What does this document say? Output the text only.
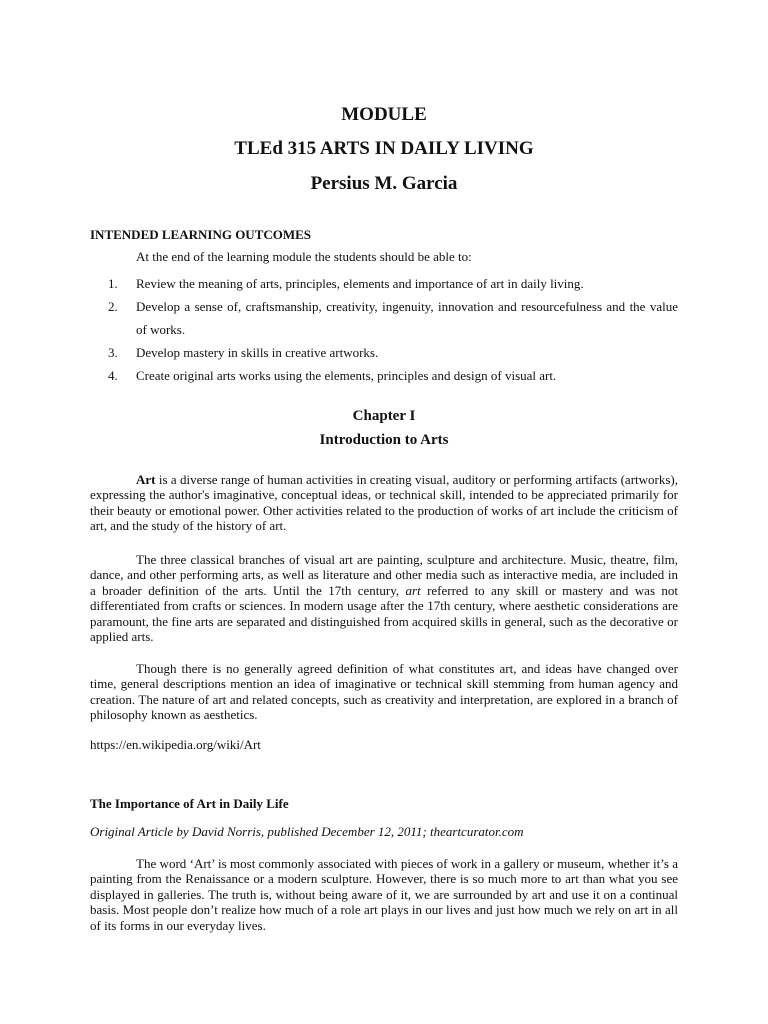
MODULE
TLEd 315 ARTS IN DAILY LIVING
Persius M. Garcia
INTENDED LEARNING OUTCOMES
At the end of the learning module the students should be able to:
1.	Review the meaning of arts, principles, elements and importance of art in daily living.
2.	Develop a sense of, craftsmanship, creativity, ingenuity, innovation and resourcefulness and the value of works.
3.	Develop mastery in skills in creative artworks.
4.	Create original arts works using the elements, principles and design of visual art.
Chapter I
Introduction to Arts

Art is a diverse range of human activities in creating visual, auditory or performing artifacts (artworks), expressing the author's imaginative, conceptual ideas, or technical skill, intended to be appreciated primarily for their beauty or emotional power. Other activities related to the production of works of art include the criticism of art, and the study of the history of art.

The three classical branches of visual art are painting, sculpture and architecture. Music, theatre, film, dance, and other performing arts, as well as literature and other media such as interactive media, are included in a broader definition of the arts. Until the 17th century, art referred to any skill or mastery and was not differentiated from crafts or sciences. In modern usage after the 17th century, where aesthetic considerations are paramount, the fine arts are separated and distinguished from acquired skills in general, such as the decorative or applied arts.

Though there is no generally agreed definition of what constitutes art, and ideas have changed over time, general descriptions mention an idea of imaginative or technical skill stemming from human agency and creation. The nature of art and related concepts, such as creativity and interpretation, are explored in a branch of philosophy known as aesthetics.

https://en.wikipedia.org/wiki/Art
The Importance of Art in Daily Life
Original Article by David Norris, published December 12, 2011; theartcurator.com

The word ‘Art’ is most commonly associated with pieces of work in a gallery or museum, whether it’s a painting from the Renaissance or a modern sculpture. However, there is so much more to art than what you see displayed in galleries. The truth is, without being aware of it, we are surrounded by art and use it on a continual basis. Most people don’t realize how much of a role art plays in our lives and just how much we rely on art in all of its forms in our everyday lives.
